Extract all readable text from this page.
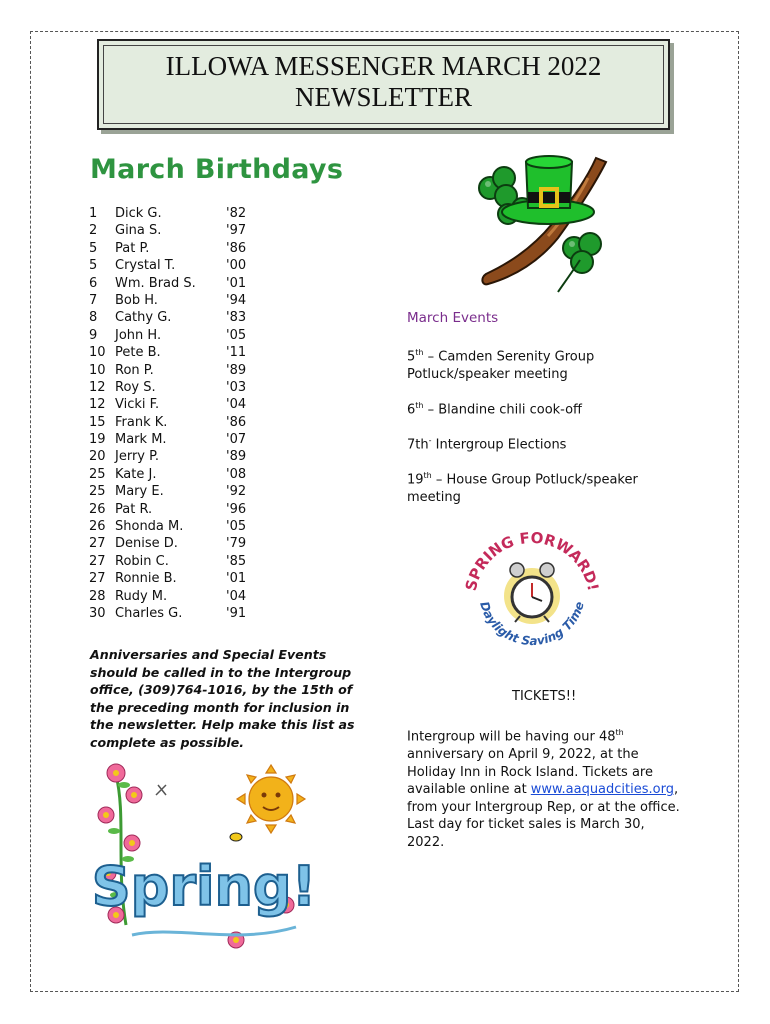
ILLOWA MESSENGER MARCH 2022
NEWSLETTER
March Birthdays
1 Dick G.	'82
2 Gina S.	'97
5 Pat P.	'86
5 Crystal T.	'00
6 Wm. Brad S. '01
7 Bob H.	'94
8 Cathy G.	'83
9 John H.	'05
10 Pete B.	'11
10 Ron P.	'89
12 Roy S.	'03
12 Vicki F.	'04
15 Frank K.	'86
19 Mark M.	'07
20 Jerry P.	'89
25 Kate J.	'08
25 Mary E.	'92
26 Pat R.	'96
26 Shonda M.	'05
27 Denise D.	'79
27 Robin C.	'85
27 Ronnie B.	'01
28 Rudy M.	'04
30 Charles G.	'91
Anniversaries and Special Events should be called in to the Intergroup office, (309)764-1016, by the 15th of the preceding month for inclusion in the newsletter. Help make this list as complete as possible.
March Events
5th – Camden Serenity Group Potluck/speaker meeting
6th – Blandine chili cook-off
7th- Intergroup Elections
19th – House Group Potluck/speaker meeting
SPRING FORWARD!
Daylight Saving Time
TICKETS!!
Intergroup will be having our 48th anniversary on April 9, 2022, at the Holiday Inn in Rock Island. Tickets are available online at www.aaquadcities.org, from your Intergroup Rep, or at the office. Last day for ticket sales is March 30, 2022.
Spring!
